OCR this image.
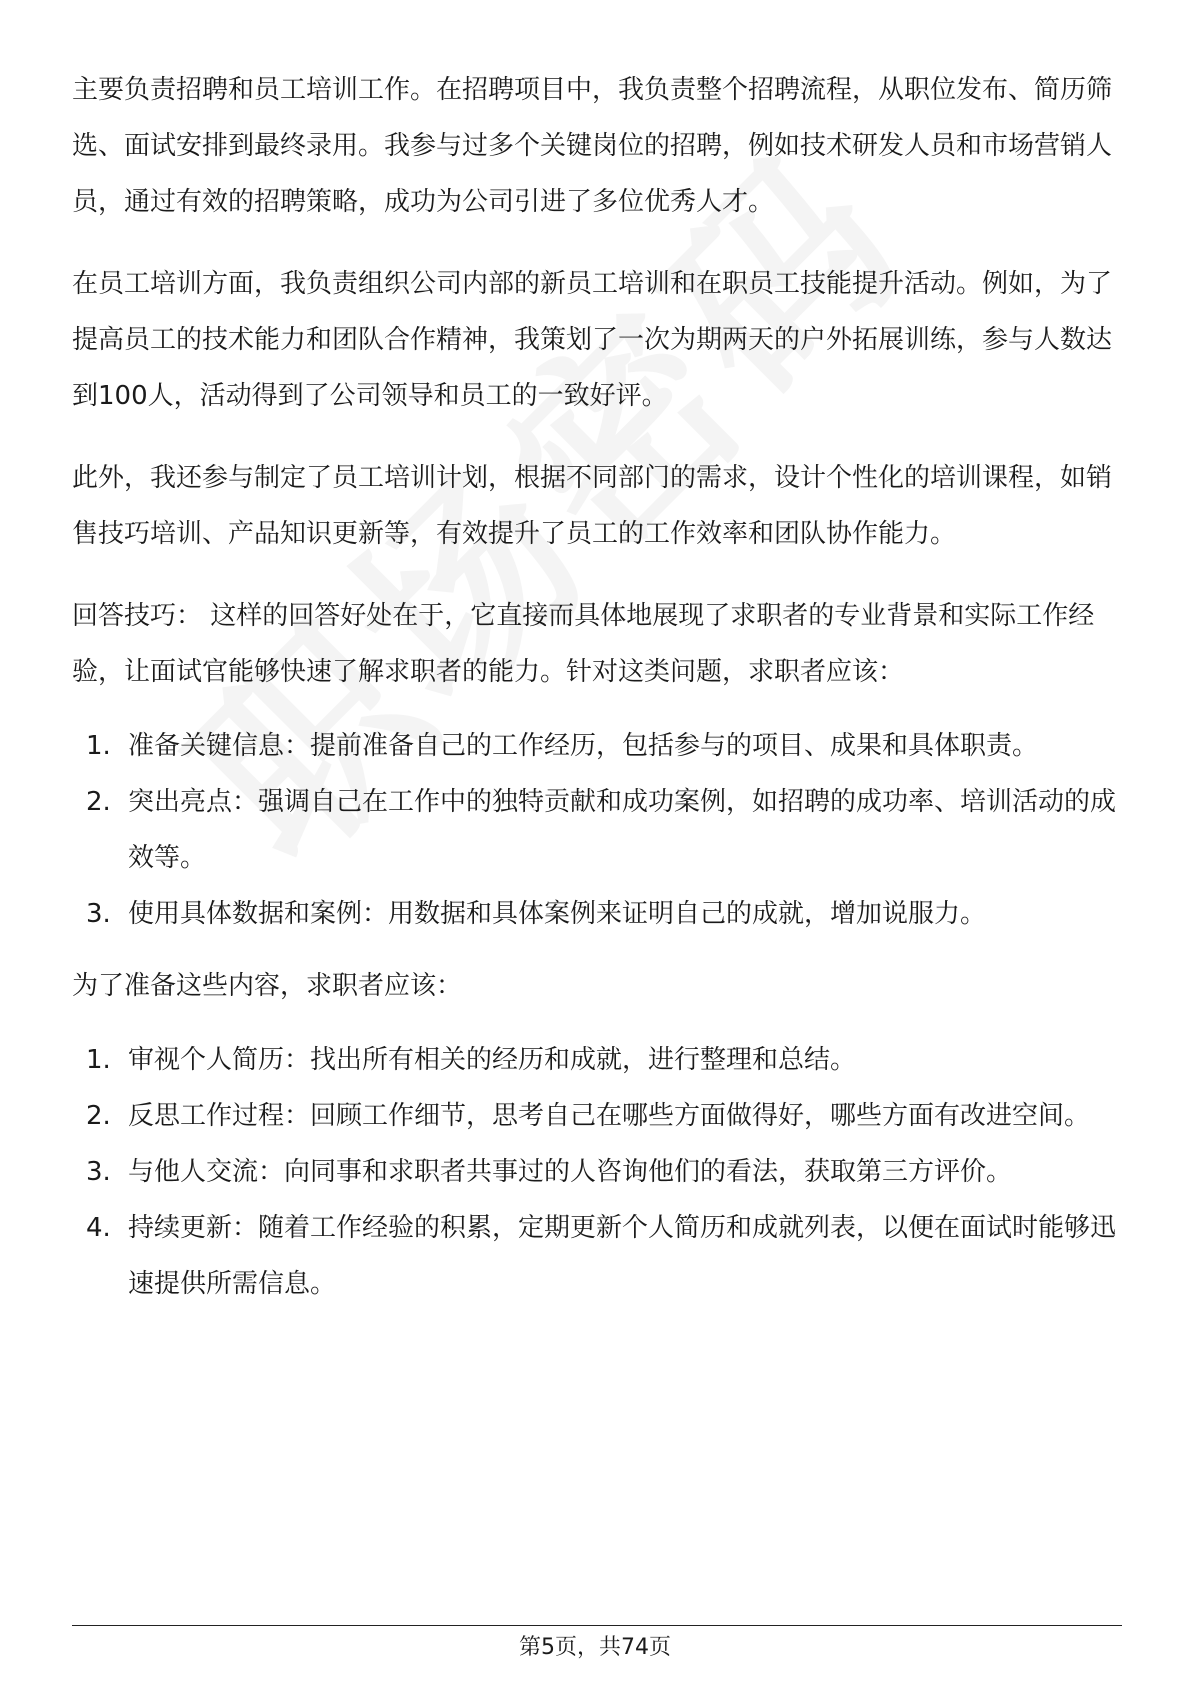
主要负责招聘和员工培训工作。在招聘项目中，我负责整个招聘流程，从职位发布、简历筛选、面试安排到最终录用。我参与过多个关键岗位的招聘，例如技术研发人员和市场营销人员，通过有效的招聘策略，成功为公司引进了多位优秀人才。

在员工培训方面，我负责组织公司内部的新员工培训和在职员工技能提升活动。例如，为了提高员工的技术能力和团队合作精神，我策划了一次为期两天的户外拓展训练，参与人数达到100人，活动得到了公司领导和员工的一致好评。

此外，我还参与制定了员工培训计划，根据不同部门的需求，设计个性化的培训课程，如销售技巧培训、产品知识更新等，有效提升了员工的工作效率和团队协作能力。

回答技巧： 这样的回答好处在于，它直接而具体地展现了求职者的专业背景和实际工作经验，让面试官能够快速了解求职者的能力。针对这类问题，求职者应该：

1. 准备关键信息：提前准备自己的工作经历，包括参与的项目、成果和具体职责。
2. 突出亮点：强调自己在工作中的独特贡献和成功案例，如招聘的成功率、培训活动的成效等。
3. 使用具体数据和案例：用数据和具体案例来证明自己的成就，增加说服力。

为了准备这些内容，求职者应该：

1. 审视个人简历：找出所有相关的经历和成就，进行整理和总结。
2. 反思工作过程：回顾工作细节，思考自己在哪些方面做得好，哪些方面有改进空间。
3. 与他人交流：向同事和求职者共事过的人咨询他们的看法，获取第三方评价。
4. 持续更新：随着工作经验的积累，定期更新个人简历和成就列表，以便在面试时能够迅速提供所需信息。
第5页，共74页
